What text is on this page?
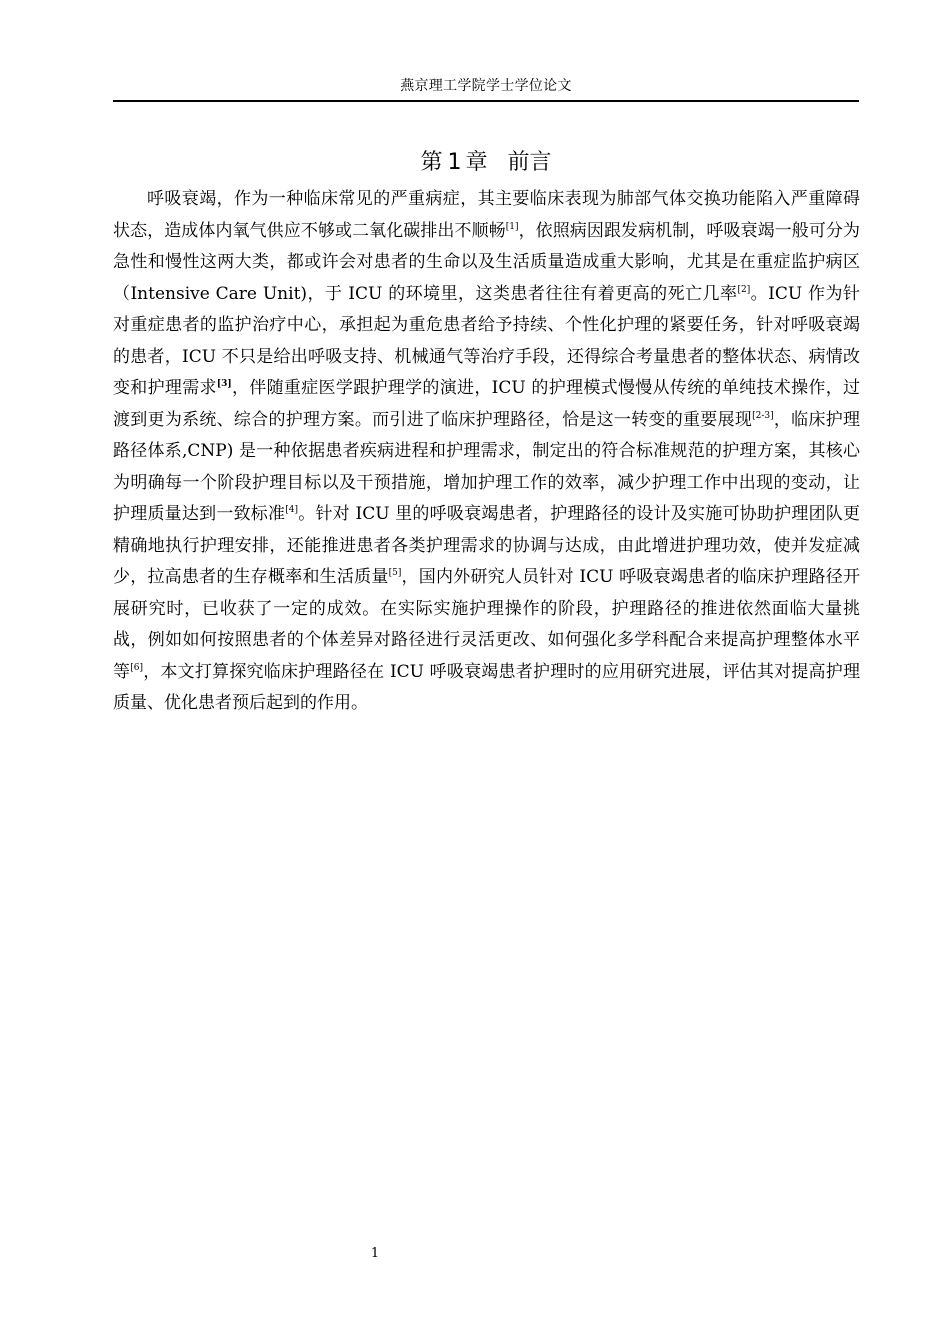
燕京理工学院学士学位论文
第 1 章 前言

呼吸衰竭，作为一种临床常见的严重病症，其主要临床表现为肺部气体交换功能陷入严重障碍状态，造成体内氧气供应不够或二氧化碳排出不顺畅[1]，依照病因跟发病机制，呼吸衰竭一般可分为急性和慢性这两大类，都或许会对患者的生命以及生活质量造成重大影响，尤其是在重症监护病区（Intensive Care Unit)，于 ICU 的环境里，这类患者往往有着更高的死亡几率[2]。ICU 作为针对重症患者的监护治疗中心，承担起为重危患者给予持续、个性化护理的紧要任务，针对呼吸衰竭的患者，ICU 不只是给出呼吸支持、机械通气等治疗手段，还得综合考量患者的整体状态、病情改变和护理需求[3]，伴随重症医学跟护理学的演进，ICU 的护理模式慢慢从传统的单纯技术操作，过渡到更为系统、综合的护理方案。而引进了临床护理路径，恰是这一转变的重要展现[2-3]，临床护理路径体系,CNP) 是一种依据患者疾病进程和护理需求，制定出的符合标准规范的护理方案，其核心为明确每一个阶段护理目标以及干预措施，增加护理工作的效率，减少护理工作中出现的变动，让护理质量达到一致标准[4]。针对 ICU 里的呼吸衰竭患者，护理路径的设计及实施可协助护理团队更精确地执行护理安排，还能推进患者各类护理需求的协调与达成，由此增进护理功效，使并发症减少，拉高患者的生存概率和生活质量[5]，国内外研究人员针对 ICU 呼吸衰竭患者的临床护理路径开展研究时，已收获了一定的成效。在实际实施护理操作的阶段，护理路径的推进依然面临大量挑战，例如如何按照患者的个体差异对路径进行灵活更改、如何强化多学科配合来提高护理整体水平等[6]，本文打算探究临床护理路径在 ICU 呼吸衰竭患者护理时的应用研究进展，评估其对提高护理质量、优化患者预后起到的作用。

1
